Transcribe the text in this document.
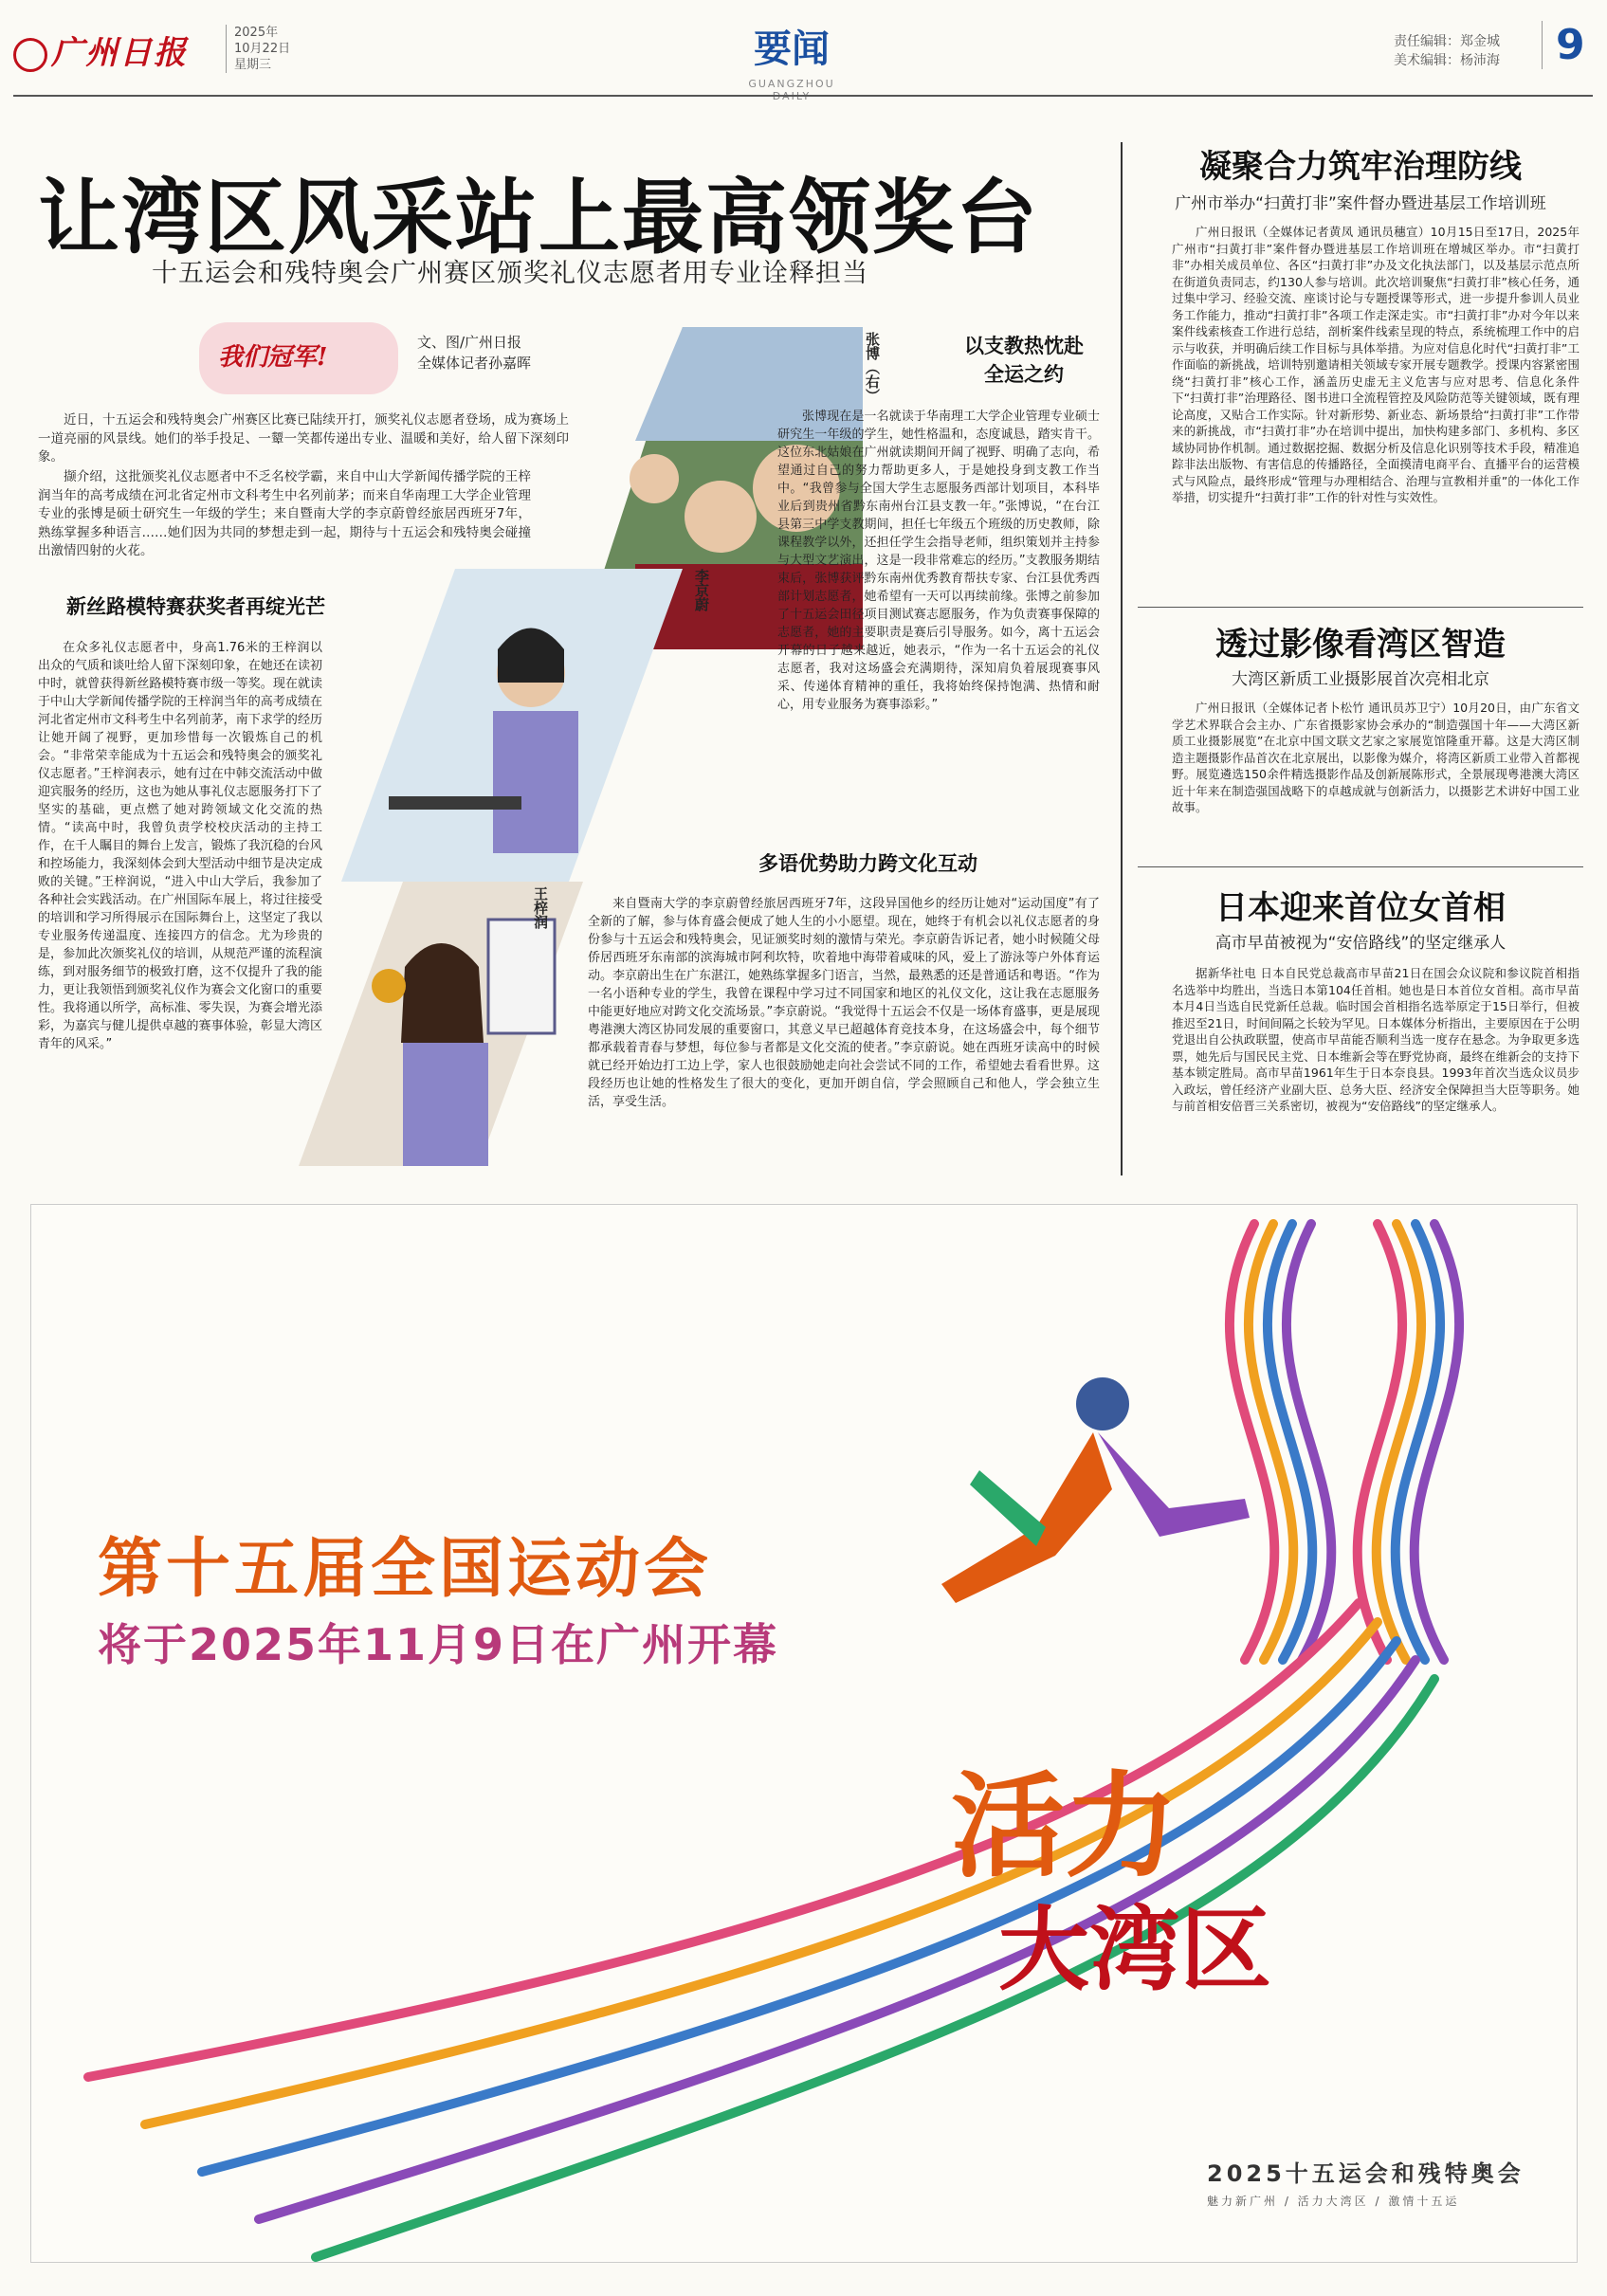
广州日报
2025年
10月22日
星期三	要闻
GUANGZHOU
责任编辑：郑金城
美术编辑：杨沛海	9
让湾区风采站上最高领奖台
十五运会和残特奥会广州赛区颁奖礼仪志愿者用专业诠释担当
我们冠军!
文、图/广州日报
全媒体记者孙嘉晖
近日，十五运会和残特奥会广州赛区比赛已陆续开打，颁奖礼仪志愿者登场，成为赛场上一道亮丽的风景线。她们的举手投足、一颦一笑都传递出专业、温暖和美好，给人留下深刻印象。
撷介绍，这批颁奖礼仪志愿者中不乏名校学霸，来自中山大学新闻传播学院的王梓润当年的高考成绩在河北省定州市文科考生中名列前茅；而来自华南理工大学企业管理专业的张博是硕士研究生一年级的学生；来自暨南大学的李京蔚曾经旅居西班牙7年，熟练掌握多种语言……她们因为共同的梦想走到一起，期待与十五运会和残特奥会碰撞出激情四射的火花。
新丝路模特赛获奖者再绽光芒
在众多礼仪志愿者中，身高1.76米的王梓润以出众的气质和谈吐给人留下深刻印象，在她还在读初中时，就曾获得新丝路模特赛市级一等奖。现在就读于中山大学新闻传播学院的王梓润当年的高考成绩在河北省定州市文科考生中名列前茅，南下求学的经历让她开阔了视野，更加珍惜每一次锻炼自己的机会。“非常荣幸能成为十五运会和残特奥会的颁奖礼仪志愿者。”王梓润表示，她有过在中韩交流活动中做迎宾服务的经历，这也为她从事礼仪志愿服务打下了坚实的基础，更点燃了她对跨领域文化交流的热情。“读高中时，我曾负责学校校庆活动的主持工作，在千人瞩目的舞台上发言，锻炼了我沉稳的台风和控场能力，我深刻体会到大型活动中细节是决定成败的关键。”王梓润说，“进入中山大学后，我参加了各种社会实践活动。在广州国际车展上，将过往接受的培训和学习所得展示在国际舞台上，这坚定了我以专业服务传递温度、连接四方的信念。尤为珍贵的是，参加此次颁奖礼仪的培训，从规范严谨的流程演练，到对服务细节的极致打磨，这不仅提升了我的能力，更让我领悟到颁奖礼仪作为赛会文化窗口的重要性。我将通以所学，高标准、零失误，为赛会增光添彩，为嘉宾与健儿提供卓越的赛事体验，彰显大湾区青年的风采。”
张博（右）
李京蔚
王梓润
以支教热忱赴全运之约
张博现在是一名就读于华南理工大学企业管理专业硕士研究生一年级的学生，她性格温和，态度诚恳，踏实肯干。这位东北姑娘在广州就读期间开阔了视野、明确了志向，希望通过自己的努力帮助更多人，于是她投身到支教工作当中。“我曾参与全国大学生志愿服务西部计划项目，本科毕业后到贵州省黔东南州台江县支教一年。”张博说，“在台江县第三中学支教期间，担任七年级五个班级的历史教师，除课程教学以外，还担任学生会指导老师，组织策划并主持参与大型文艺演出，这是一段非常难忘的经历。”支教服务期结束后，张博获评黔东南州优秀教育帮扶专家、台江县优秀西部计划志愿者，她希望有一天可以再续前缘。张博之前参加了十五运会田径项目测试赛志愿服务，作为负责赛事保障的志愿者，她的主要职责是赛后引导服务。如今，离十五运会开幕的日子越来越近，她表示，“作为一名十五运会的礼仪志愿者，我对这场盛会充满期待，深知肩负着展现赛事风采、传递体育精神的重任，我将始终保持饱满、热情和耐心，用专业服务为赛事添彩。”
多语优势助力跨文化互动
来自暨南大学的李京蔚曾经旅居西班牙7年，这段异国他乡的经历让她对“运动国度”有了全新的了解，参与体育盛会便成了她人生的小小愿望。现在，她终于有机会以礼仪志愿者的身份参与十五运会和残特奥会，见证颁奖时刻的激情与荣光。李京蔚告诉记者，她小时候随父母侨居西班牙东南部的滨海城市阿利坎特，吹着地中海带着咸味的风，爱上了游泳等户外体育运动。李京蔚出生在广东湛江，她熟练掌握多门语言，当然，最熟悉的还是普通话和粤语。“作为一名小语种专业的学生，我曾在课程中学习过不同国家和地区的礼仪文化，这让我在志愿服务中能更好地应对跨文化交流场景。”李京蔚说。“我觉得十五运会不仅是一场体育盛事，更是展现粤港澳大湾区协同发展的重要窗口，其意义早已超越体育竞技本身，在这场盛会中，每个细节都承载着青春与梦想，每位参与者都是文化交流的使者。”李京蔚说。她在西班牙读高中的时候就已经开始边打工边上学，家人也很鼓励她走向社会尝试不同的工作，希望她去看看世界。这段经历也让她的性格发生了很大的变化，更加开朗自信，学会照顾自己和他人，学会独立生活，享受生活。
凝聚合力筑牢治理防线
广州市举办“扫黄打非”案件督办暨进基层工作培训班
广州日报讯（全媒体记者黄凤 通讯员穗宣）10月15日至17日，2025年广州市“扫黄打非”案件督办暨进基层工作培训班在增城区举办。市“扫黄打非”办相关成员单位、各区“扫黄打非”办及文化执法部门，以及基层示范点所在街道负责同志，约130人参与培训。此次培训聚焦“扫黄打非”核心任务，通过集中学习、经验交流、座谈讨论与专题授课等形式，进一步提升参训人员业务工作能力，推动“扫黄打非”各项工作走深走实。市“扫黄打非”办对今年以来案件线索核查工作进行总结，剖析案件线索呈现的特点，系统梳理工作中的启示与收获，并明确后续工作目标与具体举措。为应对信息化时代“扫黄打非”工作面临的新挑战，培训特别邀请相关领域专家开展专题教学。授课内容紧密围绕“扫黄打非”核心工作，涵盖历史虚无主义危害与应对思考、信息化条件下“扫黄打非”治理路径、图书进口全流程管控及风险防范等关键领域，既有理论高度，又贴合工作实际。针对新形势、新业态、新场景给“扫黄打非”工作带来的新挑战，市“扫黄打非”办在培训中提出，加快构建多部门、多机构、多区域协同协作机制。通过数据挖掘、数据分析及信息化识别等技术手段，精准追踪非法出版物、有害信息的传播路径，全面摸清电商平台、直播平台的运营模式与风险点，最终形成“管理与办理相结合、治理与宣教相并重”的一体化工作举措，切实提升“扫黄打非”工作的针对性与实效性。
透过影像看湾区智造
大湾区新质工业摄影展首次亮相北京
广州日报讯（全媒体记者卜松竹 通讯员苏卫宁）10月20日，由广东省文学艺术界联合会主办、广东省摄影家协会承办的“制造强国十年——大湾区新质工业摄影展览”在北京中国文联文艺家之家展览馆隆重开幕。这是大湾区制造主题摄影作品首次在北京展出，以影像为媒介，将湾区新质工业带入首都视野。展览遴选150余件精选摄影作品及创新展陈形式，全景展现粤港澳大湾区近十年来在制造强国战略下的卓越成就与创新活力，以摄影艺术讲好中国工业故事。
日本迎来首位女首相
高市早苗被视为“安倍路线”的坚定继承人
据新华社电 日本自民党总裁高市早苗21日在国会众议院和参议院首相指名选举中均胜出，当选日本第104任首相。她也是日本首位女首相。高市早苗本月4日当选自民党新任总裁。临时国会首相指名选举原定于15日举行，但被推迟至21日，时间间隔之长较为罕见。日本媒体分析指出，主要原因在于公明党退出自公执政联盟，使高市早苗能否顺利当选一度存在悬念。为争取更多选票，她先后与国民民主党、日本维新会等在野党协商，最终在维新会的支持下基本锁定胜局。高市早苗1961年生于日本奈良县。1993年首次当选众议员步入政坛，曾任经济产业副大臣、总务大臣、经济安全保障担当大臣等职务。她与前首相安倍晋三关系密切，被视为“安倍路线”的坚定继承人。
第十五届全国运动会
将于2025年11月9日在广州开幕
活力
大湾区
2025十五运会和残特奥会
魅力新广州 / 活力大湾区 / 激情十五运
